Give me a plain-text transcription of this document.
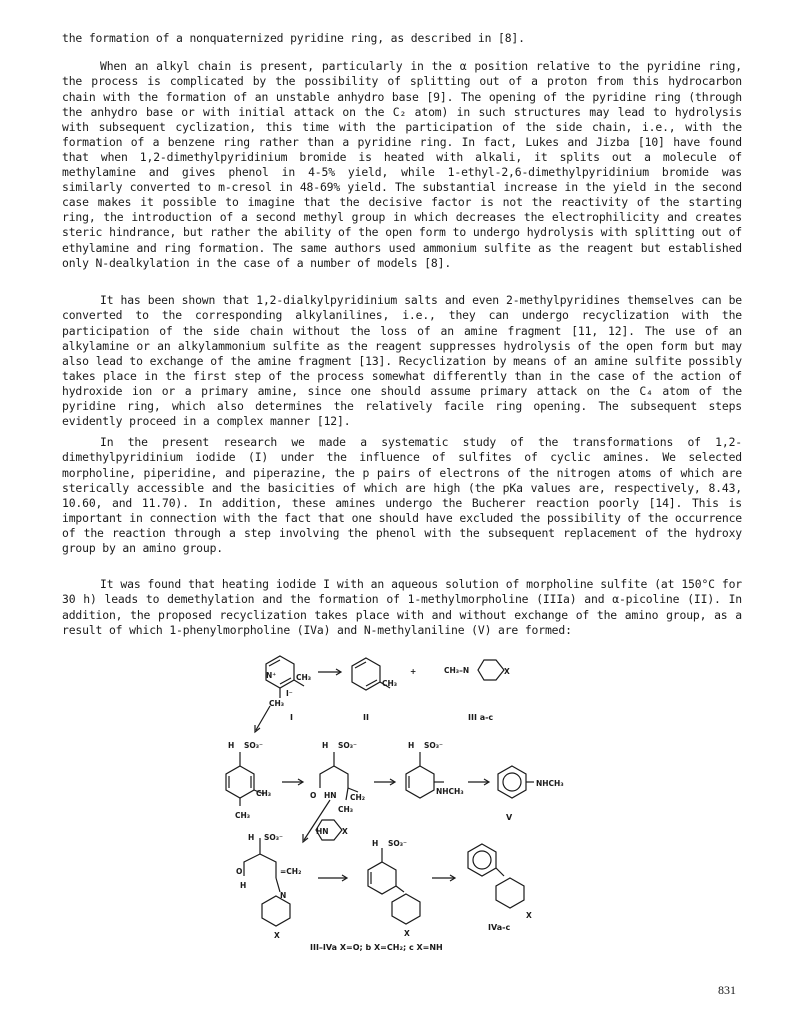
the formation of a nonquaternized pyridine ring, as described in [8].

When an alkyl chain is present, particularly in the α position relative to the pyridine ring, the process is complicated by the possibility of splitting out of a proton from this hydrocarbon chain with the formation of an unstable anhydro base [9]. The opening of the pyridine ring (through the anhydro base or with initial attack on the C₂ atom) in such structures may lead to hydrolysis with subsequent cyclization, this time with the participation of the side chain, i.e., with the formation of a benzene ring rather than a pyridine ring. In fact, Lukes and Jizba [10] have found that when 1,2-dimethylpyridinium bromide is heated with alkali, it splits out a molecule of methylamine and gives phenol in 4-5% yield, while 1-ethyl-2,6-dimethylpyridinium bromide was similarly converted to m-cresol in 48-69% yield. The substantial increase in the yield in the second case makes it possible to imagine that the decisive factor is not the reactivity of the starting ring, the introduction of a second methyl group in which decreases the electrophilicity and creates steric hindrance, but rather the ability of the open form to undergo hydrolysis with splitting out of ethylamine and ring formation. The same authors used ammonium sulfite as the reagent but established only N-dealkylation in the case of a number of models [8].

It has been shown that 1,2-dialkylpyridinium salts and even 2-methylpyridines themselves can be converted to the corresponding alkylanilines, i.e., they can undergo recyclization with the participation of the side chain without the loss of an amine fragment [11, 12]. The use of an alkylamine or an alkylammonium sulfite as the reagent suppresses hydrolysis of the open form but may also lead to exchange of the amine fragment [13]. Recyclization by means of an amine sulfite possibly takes place in the first step of the process somewhat differently than in the case of the action of hydroxide ion or a primary amine, since one should assume primary attack on the C₄ atom of the pyridine ring, which also determines the relatively facile ring opening. The subsequent steps evidently proceed in a complex manner [12].

In the present research we made a systematic study of the transformations of 1,2-dimethylpyridinium iodide (I) under the influence of sulfites of cyclic amines. We selected morpholine, piperidine, and piperazine, the p pairs of electrons of the nitrogen atoms of which are sterically accessible and the basicities of which are high (the pKa values are, respectively, 8.43, 10.60, and 11.70). In addition, these amines undergo the Bucherer reaction poorly [14]. This is important in connection with the fact that one should have excluded the possibility of the occurrence of the reaction through a step involving the phenol with the subsequent replacement of the hydroxy group by an amino group.

It was found that heating iodide I with an aqueous solution of morpholine sulfite (at 150°C for 30 h) leads to demethylation and the formation of 1-methylmorpholine (IIIa) and α-picoline (II). In addition, the proposed recyclization takes place with and without exchange of the amino group, as a result of which 1-phenylmorpholine (IVa) and N-methylaniline (V) are formed:

CH₃
CH₃
I⁻
N⁺
CH₃
+	CH₃–N	X
I	II	III a-c
H SO₃⁻
CH₃
CH₃
H SO₃⁻
O HN CH₂
CH₃
H SO₃⁻
NHCH₃
NHCH₃
V
HN X
H SO₃⁻
O
H
=CH₂
N
X
H SO₃⁻
X
X
IVa-c
III–IVa X=O; b X=CH₂; c X=NH
831
